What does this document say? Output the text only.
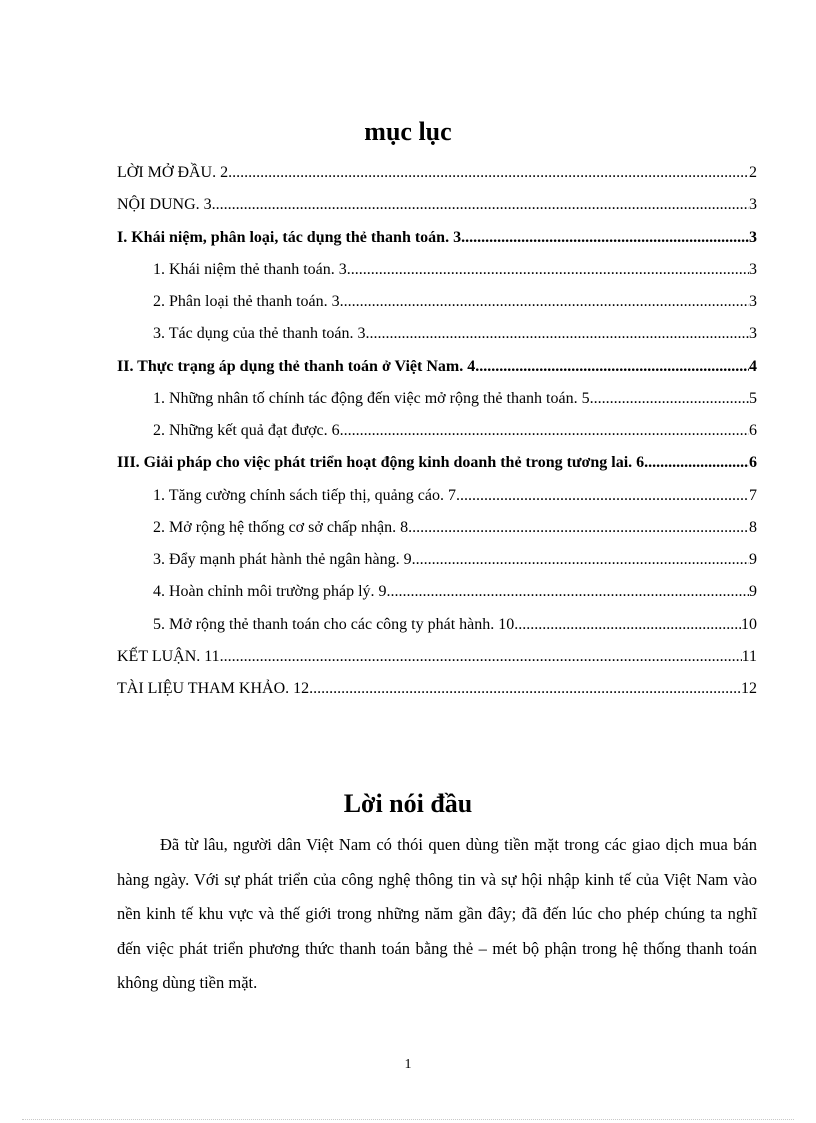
mục lục
LỜI MỞ ĐẦU. 2 .....	2
NỘI DUNG. 3 .....	3
I. Khái niệm, phân loại, tác dụng thẻ thanh toán. 3 .....	3
1. Khái niệm thẻ thanh toán. 3 .....	3
2. Phân loại thẻ thanh toán. 3 .....	3
3. Tác dụng của thẻ thanh toán. 3 .....	3
II. Thực trạng áp dụng thẻ thanh toán ở Việt Nam. 4 .....	4
1. Những nhân tố chính tác động đến việc mở rộng thẻ thanh toán. 5 .....	5
2. Những kết quả đạt được. 6 .....	6
III. Giải pháp cho việc phát triển hoạt động kinh doanh thẻ trong tương lai. 6 .....	6
1. Tăng cường chính sách tiếp thị, quảng cáo. 7 .....	7
2. Mở rộng hệ thống cơ sở chấp nhận. 8 .....	8
3. Đẩy mạnh phát hành thẻ ngân hàng. 9 .....	9
4. Hoàn chỉnh môi trường pháp lý. 9 .....	9
5. Mở rộng thẻ thanh toán cho các công ty phát hành. 10 .....	10
KẾT LUẬN. 11 .....	11
TÀI LIỆU THAM KHẢO. 12 .....	12
Lời nói đầu

Đã từ lâu, người dân Việt Nam có thói quen dùng tiền mặt trong các giao dịch mua bán hàng ngày. Với sự phát triển của công nghệ thông tin và sự hội nhập kinh tế của Việt Nam vào nền kinh tế khu vực và thế giới trong những năm gần đây; đã đến lúc cho phép chúng ta nghĩ đến việc phát triển phương thức thanh toán bằng thẻ – mét bộ phận trong hệ thống thanh toán không dùng tiền mặt.

1
